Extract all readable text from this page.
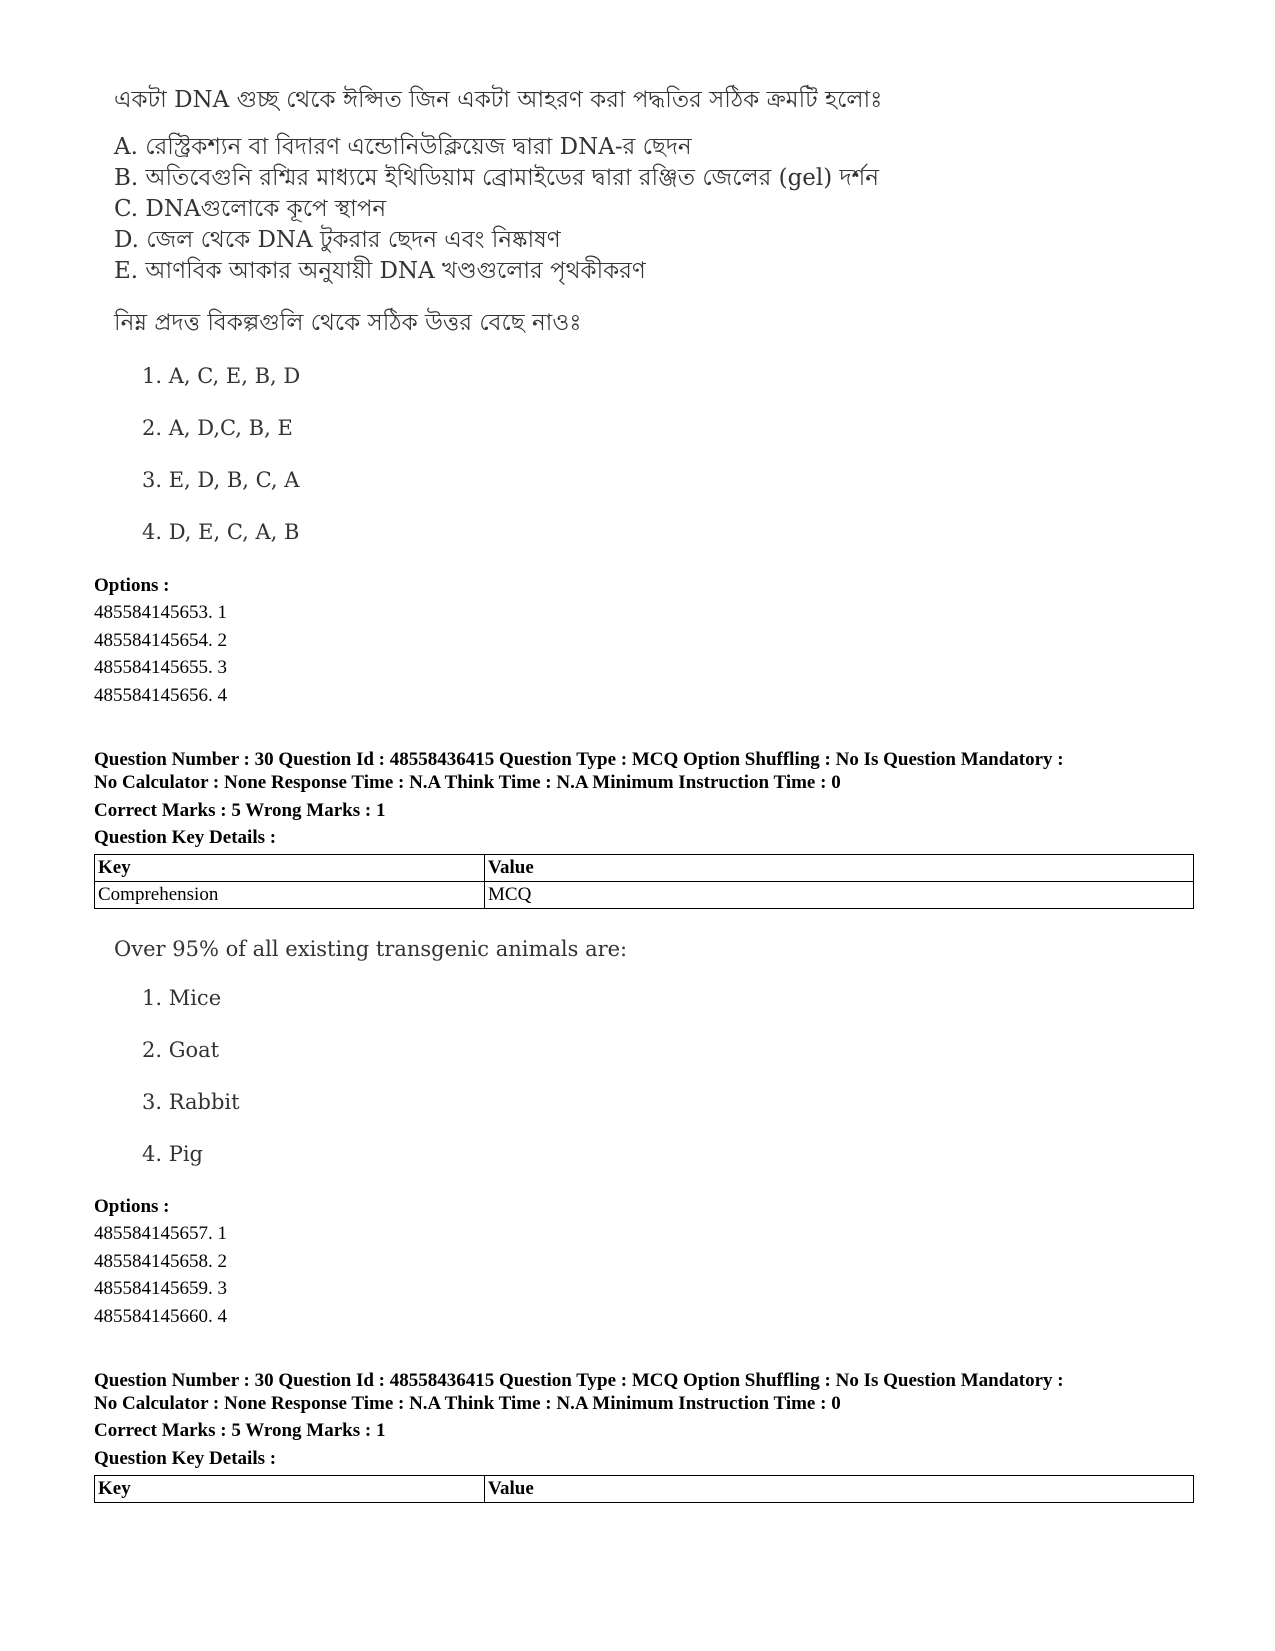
একটা DNA গুচ্ছ থেকে ঈপ্সিত জিন একটা আহরণ করা পদ্ধতির সঠিক ক্রমটি হলোঃ
A. রেস্ট্রিকশ্যন বা বিদারণ এন্ডোনিউক্লিয়েজ দ্বারা DNA-র ছেদন
B. অতিবেগুনি রশ্মির মাধ্যমে ইথিডিয়াম ব্রোমাইডের দ্বারা রঞ্জিত জেলের (gel) দর্শন
C. DNAগুলোকে কূপে স্থাপন
D. জেল থেকে DNA টুকরার ছেদন এবং নিষ্কাষণ
E. আণবিক আকার অনুযায়ী DNA খণ্ডগুলোর পৃথকীকরণ
নিম্ন প্রদত্ত বিকল্পগুলি থেকে সঠিক উত্তর বেছে নাওঃ
1. A, C, E, B, D
2. A, D,C, B, E
3. E, D, B, C, A
4. D, E, C, A, B
Options :
485584145653. 1
485584145654. 2
485584145655. 3
485584145656. 4
Question Number : 30 Question Id : 48558436415 Question Type : MCQ Option Shuffling : No Is Question Mandatory :
No Calculator : None Response Time : N.A Think Time : N.A Minimum Instruction Time : 0
Correct Marks : 5 Wrong Marks : 1
Question Key Details :
Key	Value
Comprehension	MCQ
Over 95% of all existing transgenic animals are:
1. Mice
2. Goat
3. Rabbit
4. Pig
Options :
485584145657. 1
485584145658. 2
485584145659. 3
485584145660. 4
Question Number : 30 Question Id : 48558436415 Question Type : MCQ Option Shuffling : No Is Question Mandatory :
No Calculator : None Response Time : N.A Think Time : N.A Minimum Instruction Time : 0
Correct Marks : 5 Wrong Marks : 1
Question Key Details :
Key	Value
